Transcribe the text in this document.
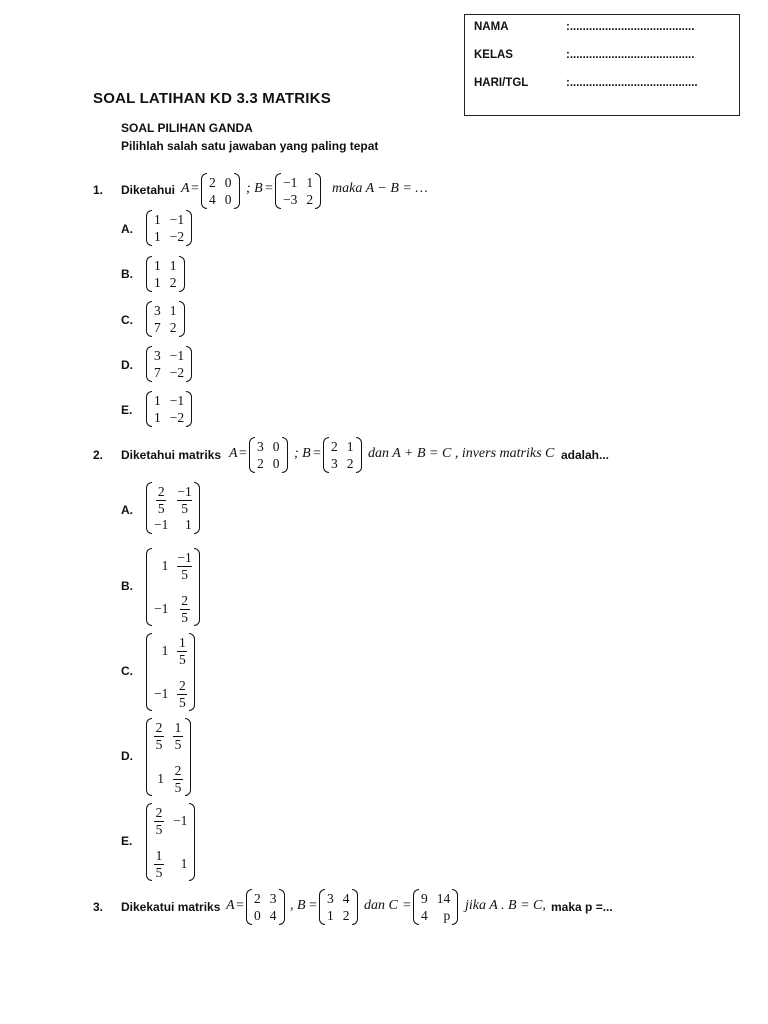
NAMA	:.......................................
KELAS	:.......................................
HARI/TGL	:........................................
SOAL LATIHAN KD 3.3 MATRIKS
SOAL PILIHAN GANDA
Pilihlah salah satu jawaban yang paling tepat
1. Diketahui A = 2 0
4 0
; B = −1 1
−3 2
maka A − B = …
A.
1 −1
1 −2
B.
1 1
1 2
C.
3 1
7 2
D.
3 −1
7 −2
E.
1 −1
1 −2
2. Diketahui matriks A = 3 0
2 0
; B = 2 1
3 2
dan A + B = C , invers matriks C adalah...
A. $\frac{2}{5} \frac{-1}{5}$
−1	1
B.
$1 \frac{-1}{5}$
$-1 \frac{2}{5}$
C.
$1 \frac{1}{5}$
$-1 \frac{2}{5}$
D.
$\frac{2}{5} \frac{1}{5}$
$1 \frac{2}{5}$
E.
$\frac{2}{5} -1$
$\frac{1}{5}$	1
3. Dikekatui matriks A = 2 3
0 4
, B = 3 4
1 2
dan C = 9 14
4	p
jika A . B = C, maka p =...
